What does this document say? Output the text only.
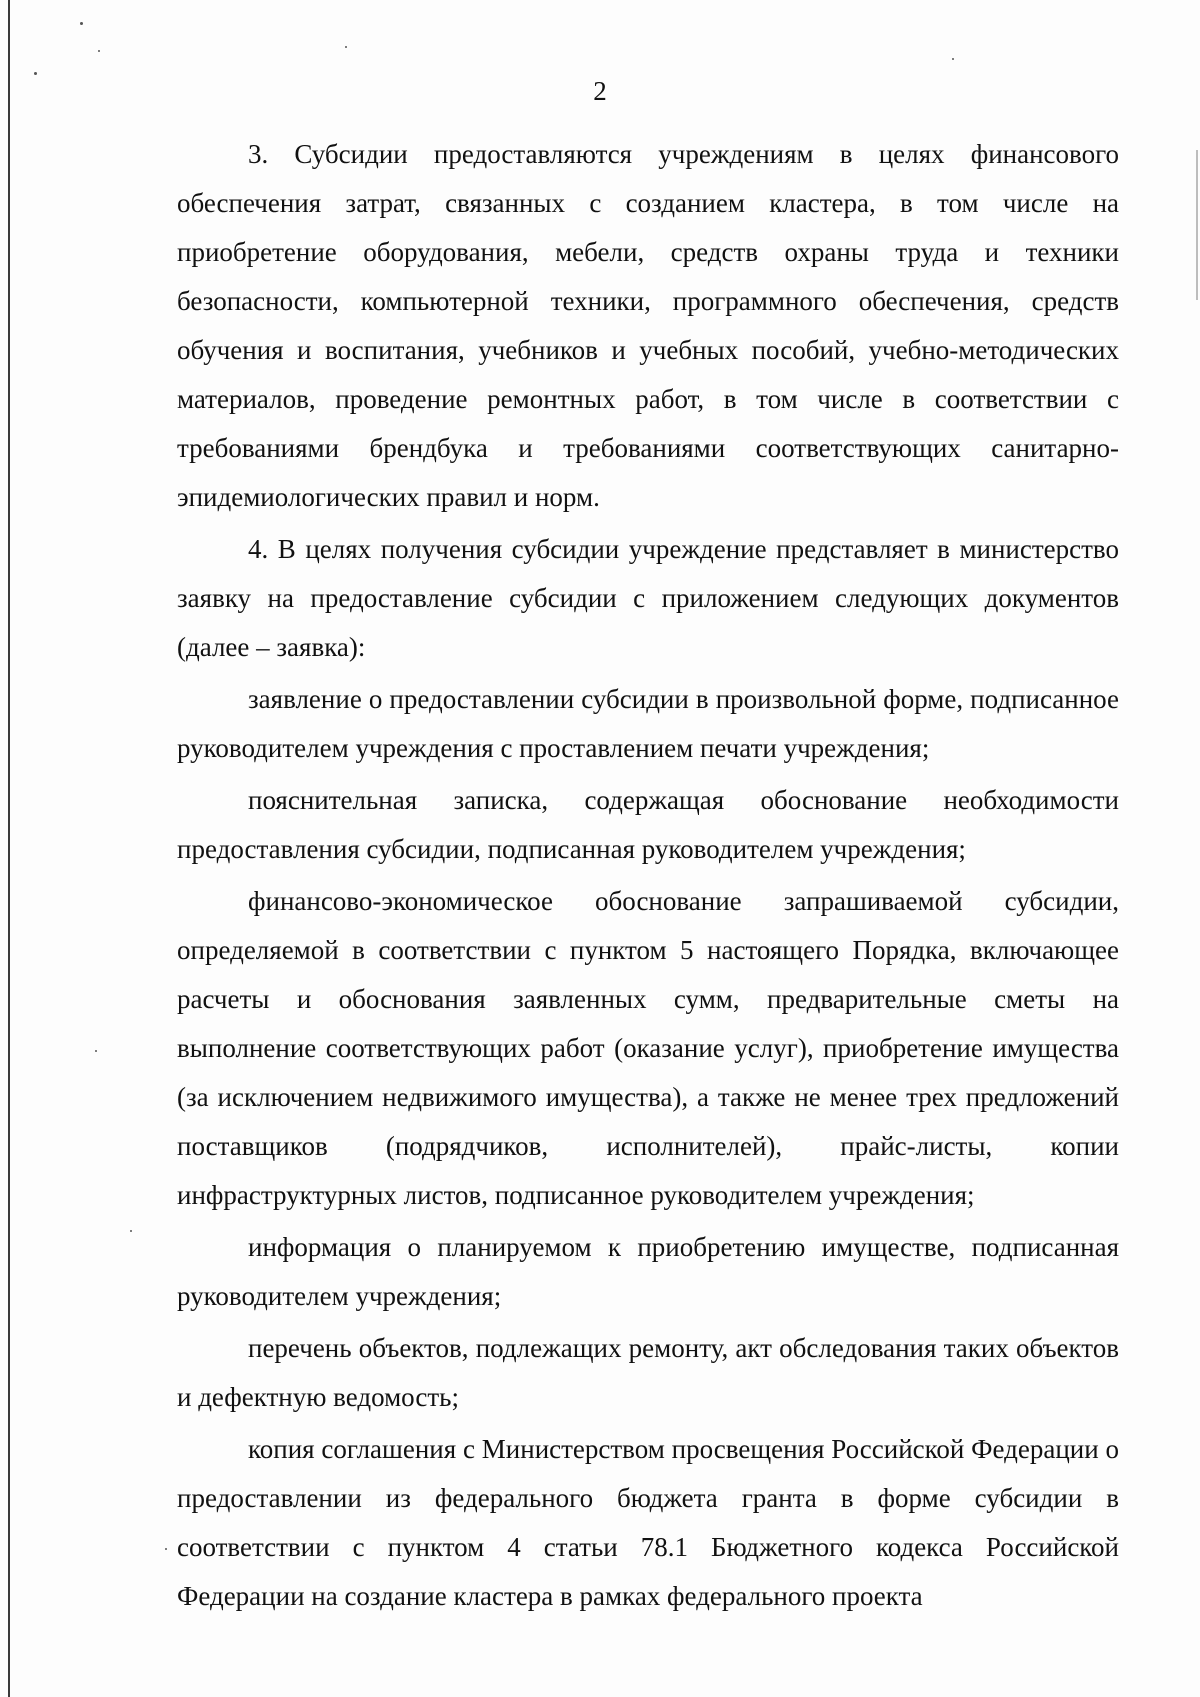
2

3. Субсидии предоставляются учреждениям в целях финансового обеспечения затрат, связанных с созданием кластера, в том числе на приобретение оборудования, мебели, средств охраны труда и техники безопасности, компьютерной техники, программного обеспечения, средств обучения и воспитания, учебников и учебных пособий, учебно-методических материалов, проведение ремонтных работ, в том числе в соответствии с требованиями брендбука и требованиями соответствующих санитарно-эпидемиологических правил и норм.

4. В целях получения субсидии учреждение представляет в министерство заявку на предоставление субсидии с приложением следующих документов (далее – заявка):

заявление о предоставлении субсидии в произвольной форме, подписанное руководителем учреждения с проставлением печати учреждения;

пояснительная записка, содержащая обоснование необходимости предоставления субсидии, подписанная руководителем учреждения;

финансово-экономическое обоснование запрашиваемой субсидии, определяемой в соответствии с пунктом 5 настоящего Порядка, включающее расчеты и обоснования заявленных сумм, предварительные сметы на выполнение соответствующих работ (оказание услуг), приобретение имущества (за исключением недвижимого имущества), а также не менее трех предложений поставщиков (подрядчиков, исполнителей), прайс-листы, копии инфраструктурных листов, подписанное руководителем учреждения;

информация о планируемом к приобретению имуществе, подписанная руководителем учреждения;

перечень объектов, подлежащих ремонту, акт обследования таких объектов и дефектную ведомость;

копия соглашения с Министерством просвещения Российской Федерации о предоставлении из федерального бюджета гранта в форме субсидии в соответствии с пунктом 4 статьи 78.1 Бюджетного кодекса Российской Федерации на создание кластера в рамках федерального проекта
